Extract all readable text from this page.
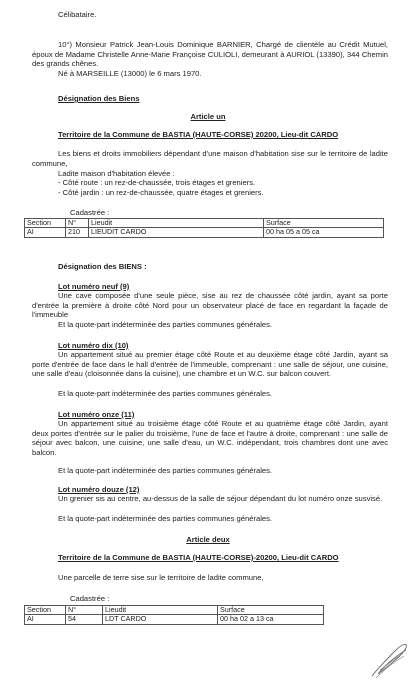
Célibataire.

10°) Monsieur Patrick Jean-Louis Dominique BARNIER, Chargé de clientèle au Crédit Mutuel, époux de Madame Christelle Anne-Marie Françoise CULIOLI, demeurant à AURIOL (13390), 344 Chemin des grands chênes.

Né à MARSEILLE (13000) le 6 mars 1970.

Désignation des Biens

Article un

Territoire de la Commune de BASTIA (HAUTE-CORSE) 20200, Lieu-dit CARDO

Les biens et droits immobiliers dépendant d'une maison d'habitation sise sur le territoire de ladite commune,

Ladite maison d'habitation élevée :

- Côté route : un rez-de-chaussée, trois étages et greniers.

- Côté jardin : un rez-de-chaussée, quatre étages et greniers.

Cadastrée :

Section	N°	Lieudit	Surface
AI	210	LIEUDIT CARDO	00 ha 05 a 05 ca

Désignation des BIENS :

Lot numéro neuf (9)

Une cave composée d'une seule pièce, sise au rez de chaussée côté jardin, ayant sa porte d'entrée la première à droite côté Nord pour un observateur placé de face en regardant la façade de l'immeuble

Et la quote-part indéterminée des parties communes générales.

Lot numéro dix (10)

Un appartement situé au premier étage côté Route et au deuxième étage côté Jardin, ayant sa porte d'entrée de face dans le hall d'entrée de l'immeuble, comprenant : une salle de séjour, une cuisine, une salle d'eau (cloisonnée dans la cuisine), une chambre et un W.C. sur balcon couvert.

Et la quote-part indéterminée des parties communes générales.

Lot numéro onze (11)

Un appartement situé au troisième étage côté Route et au quatrième étage côté Jardin, ayant deux portes d'entrée sur le palier du troisième, l'une de face et l'autre à droite, comprenant : une salle de séjour avec balcon, une cuisine, une salle d'eau, un W.C. indépendant, trois chambres dont une avec balcon.

Et la quote-part indéterminée des parties communes générales.

Lot numéro douze (12)

Un grenier sis au centre, au-dessus de la salle de séjour dépendant du lot numéro onze susvisé.

Et la quote-part indéterminée des parties communes générales.

Article deux

Territoire de la Commune de BASTIA (HAUTE-CORSE)-20200, Lieu-dit CARDO

Une parcelle de terre sise sur le territoire de ladite commune,

Cadastrée :

Section	N°	Lieudit	Surface
AI	54	LDT CARDO	00 ha 02 a 13 ca
